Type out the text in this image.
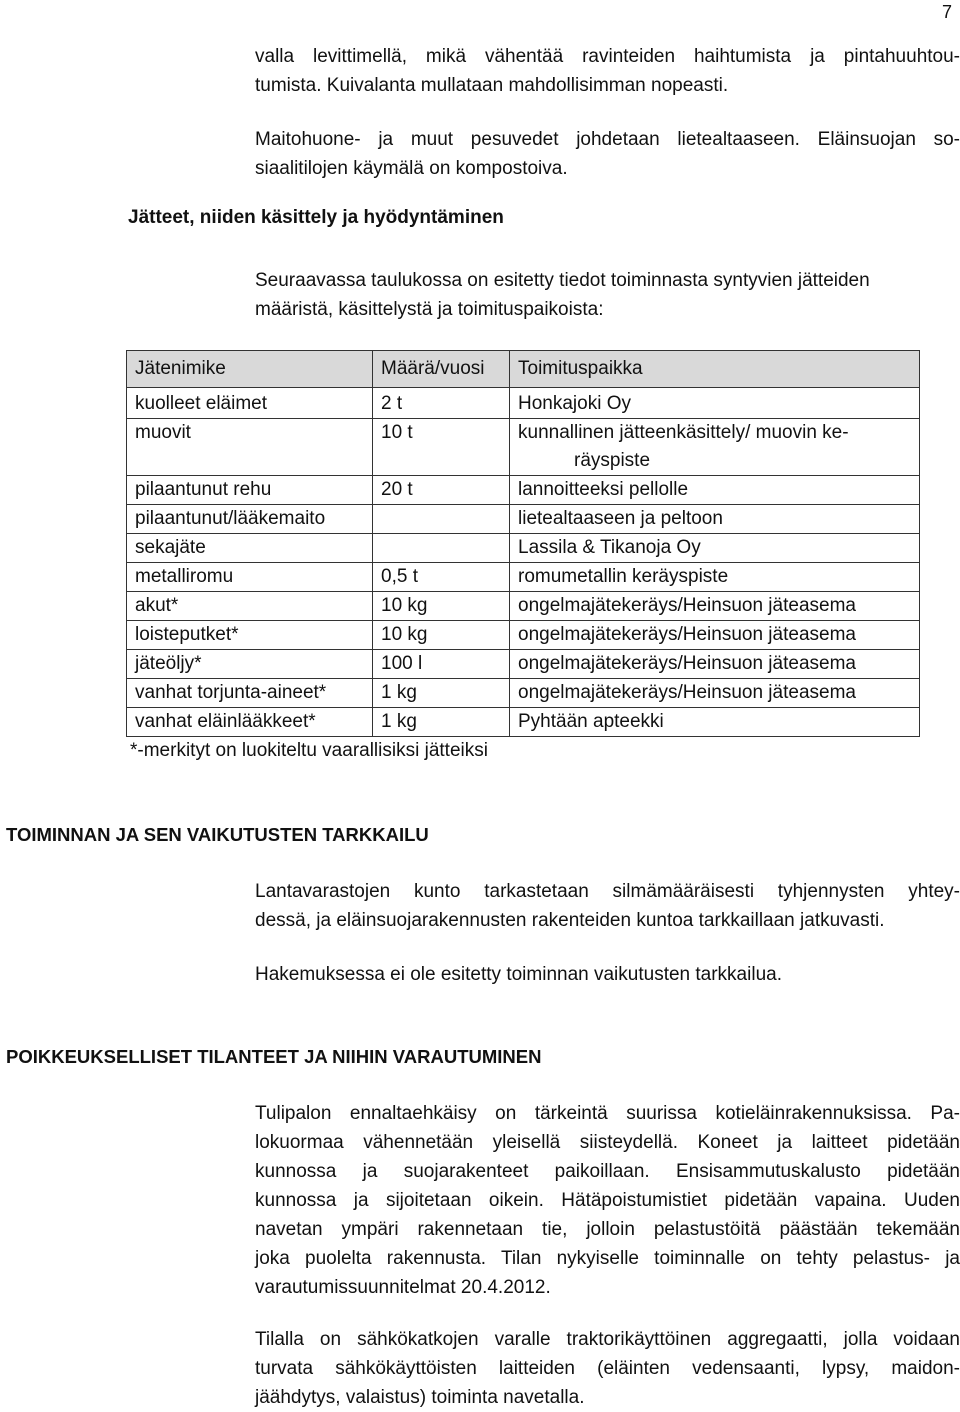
7

valla levittimellä, mikä vähentää ravinteiden haihtumista ja pintahuuhtou-
tumista. Kuivalanta mullataan mahdollisimman nopeasti.

Maitohuone- ja muut pesuvedet johdetaan lietealtaaseen. Eläinsuojan so-
siaalitilojen käymälä on kompostoiva.

Jätteet, niiden käsittely ja hyödyntäminen

Seuraavassa taulukossa on esitetty tiedot toiminnasta syntyvien jätteiden
määristä, käsittelystä ja toimituspaikoista:

Jätenimike	Määrä/vuosi	Toimituspaikka
kuolleet eläimet	2 t	Honkajoki Oy
muovit	10 t	kunnallinen jätteenkäsittely/ muovin ke-
räyspiste

pilaantunut rehu	20 t	lannoitteeksi pellolle
pilaantunut/lääkemaito		lietealtaaseen ja peltoon
sekajäte		Lassila & Tikanoja Oy
metalliromu	0,5 t	romumetallin keräyspiste
akut*	10 kg	ongelmajätekeräys/Heinsuon jäteasema
loisteputket*	10 kg	ongelmajätekeräys/Heinsuon jäteasema
jäteöljy*	100 l	ongelmajätekeräys/Heinsuon jäteasema
vanhat torjunta-aineet*	1 kg	ongelmajätekeräys/Heinsuon jäteasema
vanhat eläinlääkkeet*	1 kg	Pyhtään apteekki
*-merkityt on luokiteltu vaarallisiksi jätteiksi
TOIMINNAN JA SEN VAIKUTUSTEN TARKKAILU

Lantavarastojen kunto tarkastetaan silmämääräisesti tyhjennysten yhtey-
dessä, ja eläinsuojarakennusten rakenteiden kuntoa tarkkaillaan jatkuvasti.

Hakemuksessa ei ole esitetty toiminnan vaikutusten tarkkailua.

POIKKEUKSELLISET TILANTEET JA NIIHIN VARAUTUMINEN

Tulipalon ennaltaehkäisy on tärkeintä suurissa kotieläinrakennuksissa. Pa-
lokuormaa vähennetään yleisellä siisteydellä. Koneet ja laitteet pidetään
kunnossa ja suojarakenteet paikoillaan. Ensisammutuskalusto pidetään
kunnossa ja sijoitetaan oikein. Hätäpoistumistiet pidetään vapaina. Uuden
navetan ympäri rakennetaan tie, jolloin pelastustöitä päästään tekemään
joka puolelta rakennusta. Tilan nykyiselle toiminnalle on tehty pelastus- ja
varautumissuunnitelmat 20.4.2012.

Tilalla on sähkökatkojen varalle traktorikäyttöinen aggregaatti, jolla voidaan
turvata sähkökäyttöisten laitteiden (eläinten vedensaanti, lypsy, maidon-
jäähdytys, valaistus) toiminta navetalla.
